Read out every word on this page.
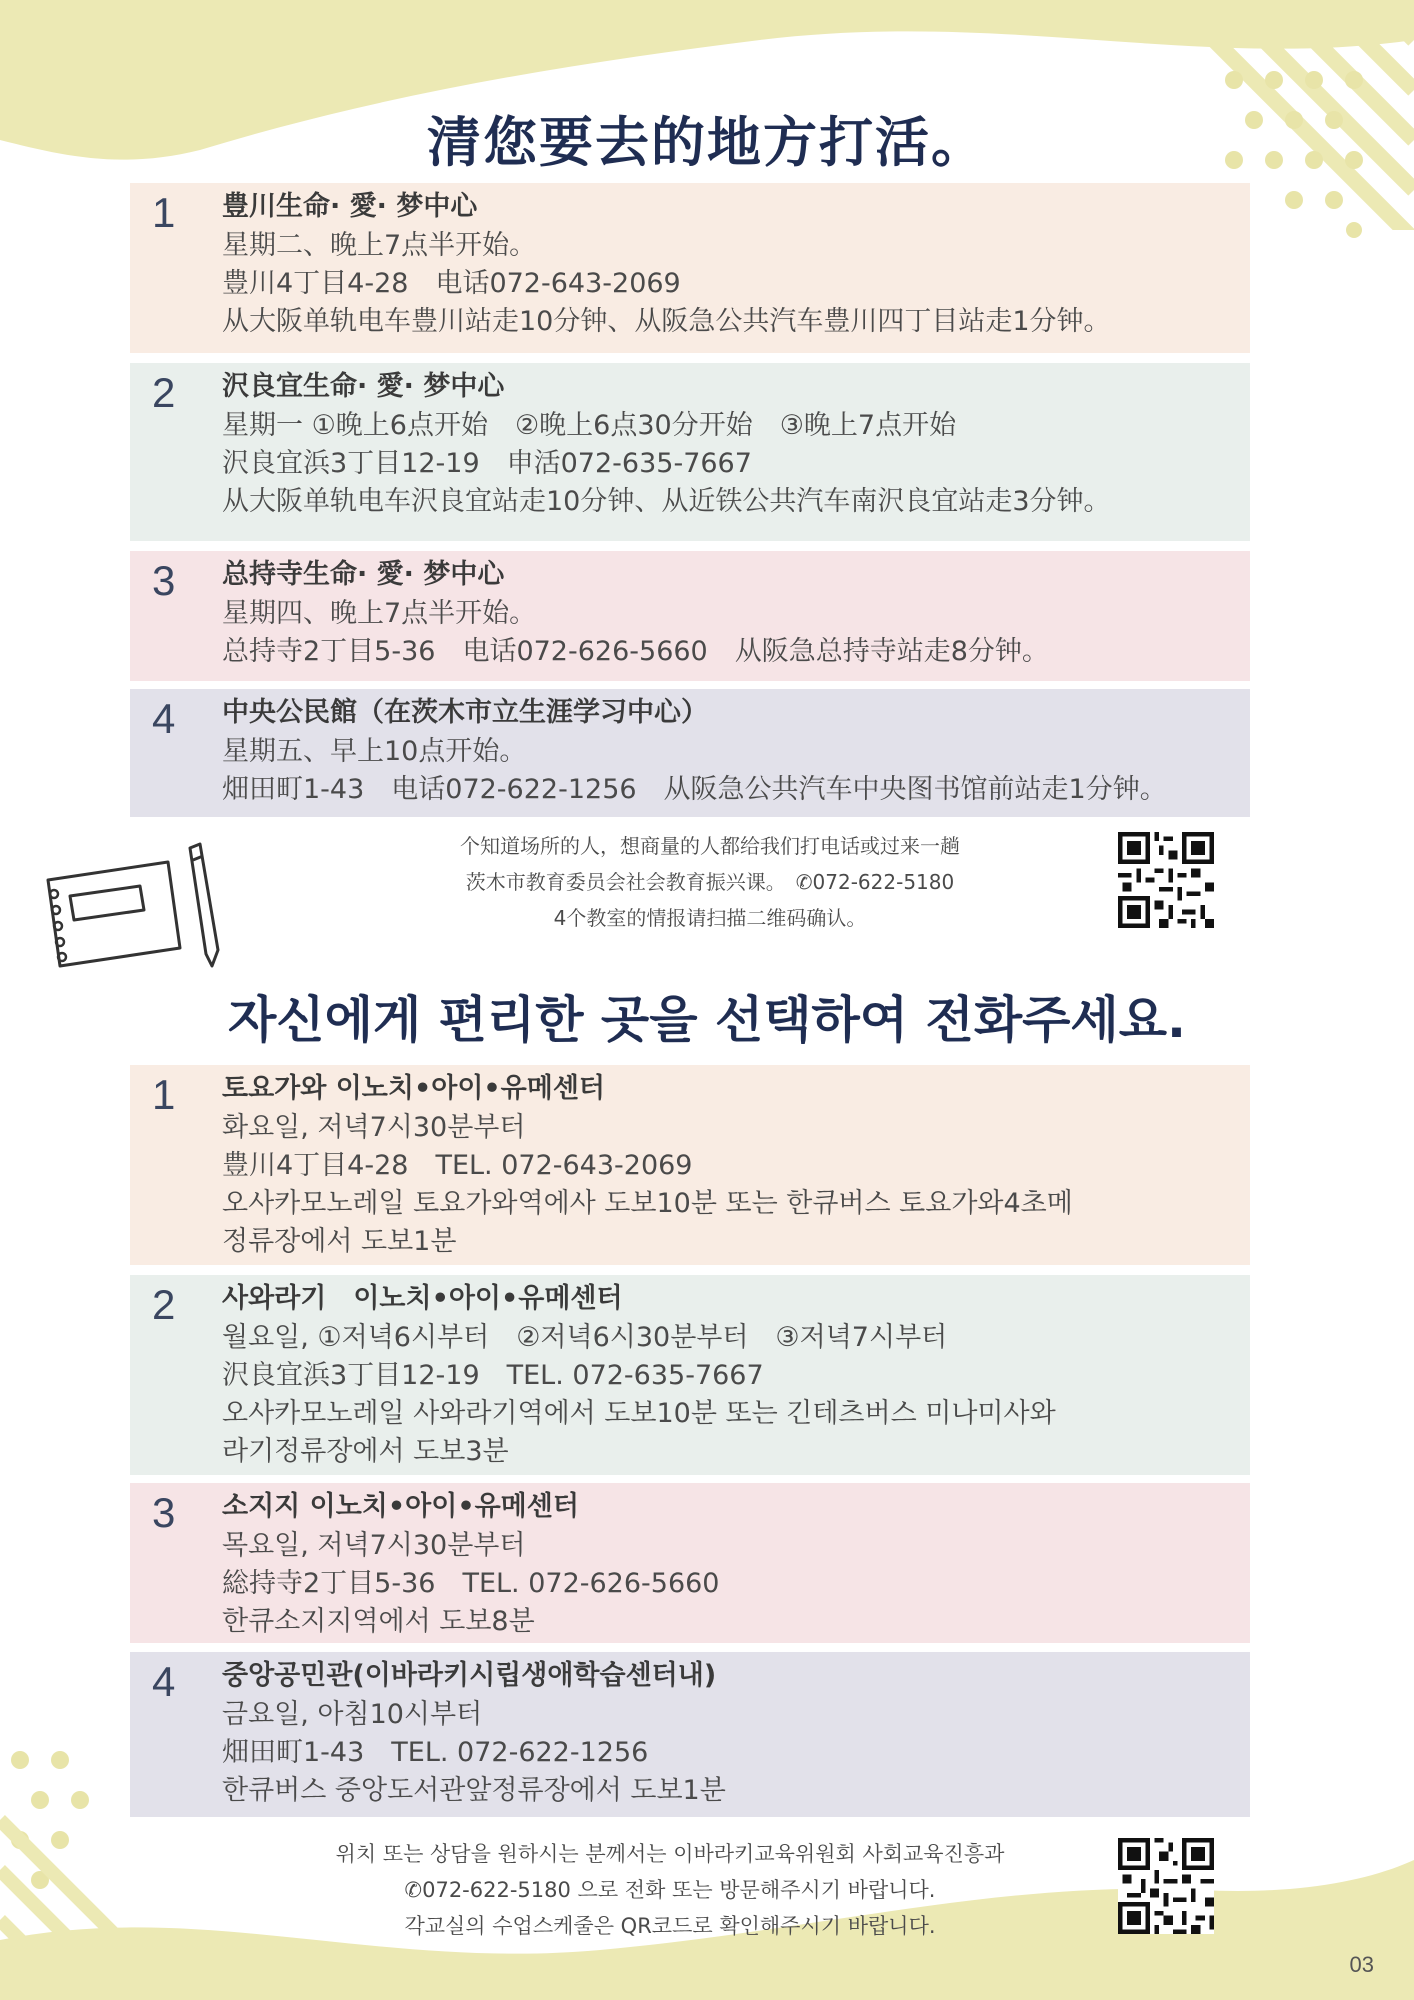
清您要去的地方打活。
1 豊川生命· 愛· 梦中心
星期二、晚上7点半开始。
豊川4丁目4-28　电话072-643-2069
从大阪单轨电车豊川站走10分钟、从阪急公共汽车豊川四丁目站走1分钟。
2 沢良宜生命· 愛· 梦中心
星期一 ①晚上6点开始　②晚上6点30分开始　③晚上7点开始
沢良宜浜3丁目12-19　申活072-635-7667
从大阪单轨电车沢良宜站走10分钟、从近铁公共汽车南沢良宜站走3分钟。
3 总持寺生命· 愛· 梦中心
星期四、晚上7点半开始。
总持寺2丁目5-36　电话072-626-5660　从阪急总持寺站走8分钟。
4 中央公民館（在茨木市立生涯学习中心）
星期五、早上10点开始。
畑田町1-43　电话072-622-1256　从阪急公共汽车中央图书馆前站走1分钟。
个知道场所的人，想商量的人都给我们打电话或过来一趟
茨木市教育委员会社会教育振兴课。　✆072-622-5180
4个教室的情报请扫描二维码确认。
자신에게 편리한 곳을 선택하여 전화주세요.
1 토요가와 이노치•아이•유메센터
화요일, 저녁7시30분부터
豊川4丁目4-28　TEL. 072-643-2069
오사카모노레일 토요가와역에사 도보10분 또는 한큐버스 토요가와4초메
정류장에서 도보1분
2 사와라기　이노치•아이•유메센터
월요일, ①저녁6시부터　②저녁6시30분부터　③저녁7시부터
沢良宜浜3丁目12-19　TEL. 072-635-7667
오사카모노레일 사와라기역에서 도보10분 또는 긴테츠버스 미나미사와
라기정류장에서 도보3분
3 소지지 이노치•아이•유메센터
목요일, 저녁7시30분부터
総持寺2丁目5-36　TEL. 072-626-5660
한큐소지지역에서 도보8분
4 중앙공민관(이바라키시립생애학습센터내)
금요일, 아침10시부터
畑田町1-43　TEL. 072-622-1256
한큐버스 중앙도서관앞정류장에서 도보1분
위치 또는 상담을 원하시는 분께서는 이바라키교육위원회 사회교육진흥과
✆072-622-5180 으로 전화 또는 방문해주시기 바랍니다.
각교실의 수업스케줄은 QR코드로 확인해주시기 바랍니다.
03
